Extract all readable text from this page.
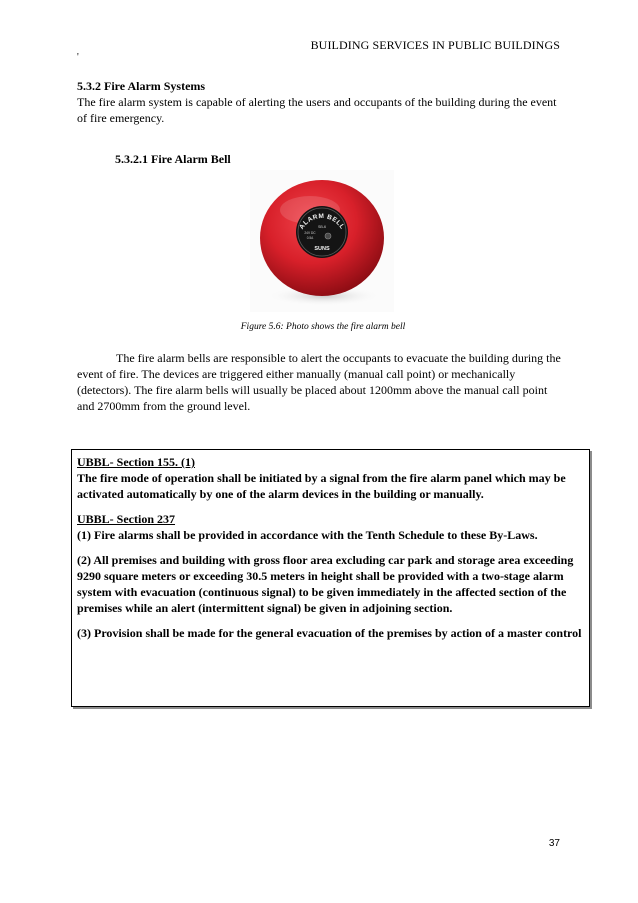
BUILDING SERVICES IN PUBLIC BUILDINGS
'
5.3.2 Fire Alarm Systems

The fire alarm system is capable of alerting the users and occupants of the building during the event of fire emergency.

5.3.2.1 Fire Alarm Bell
ALARM BELL
SB-6
24V DC
0.5A
SUNS
Figure 5.6: Photo shows the fire alarm bell

The fire alarm bells are responsible to alert the occupants to evacuate the building during the event of fire. The devices are triggered either manually (manual call point) or mechanically (detectors). The fire alarm bells will usually be placed about 1200mm above the manual call point and 2700mm from the ground level.

UBBL- Section 155. (1)
The fire mode of operation shall be initiated by a signal from the fire alarm panel which may be activated automatically by one of the alarm devices in the building or manually.
UBBL- Section 237
(1) Fire alarms shall be provided in accordance with the Tenth Schedule to these By-Laws.
(2) All premises and building with gross floor area excluding car park and storage area exceeding 9290 square meters or exceeding 30.5 meters in height shall be provided with a two-stage alarm system with evacuation (continuous signal) to be given immediately in the affected section of the premises while an alert (intermittent signal) be given in adjoining section.
(3) Provision shall be made for the general evacuation of the premises by action of a master control
37
